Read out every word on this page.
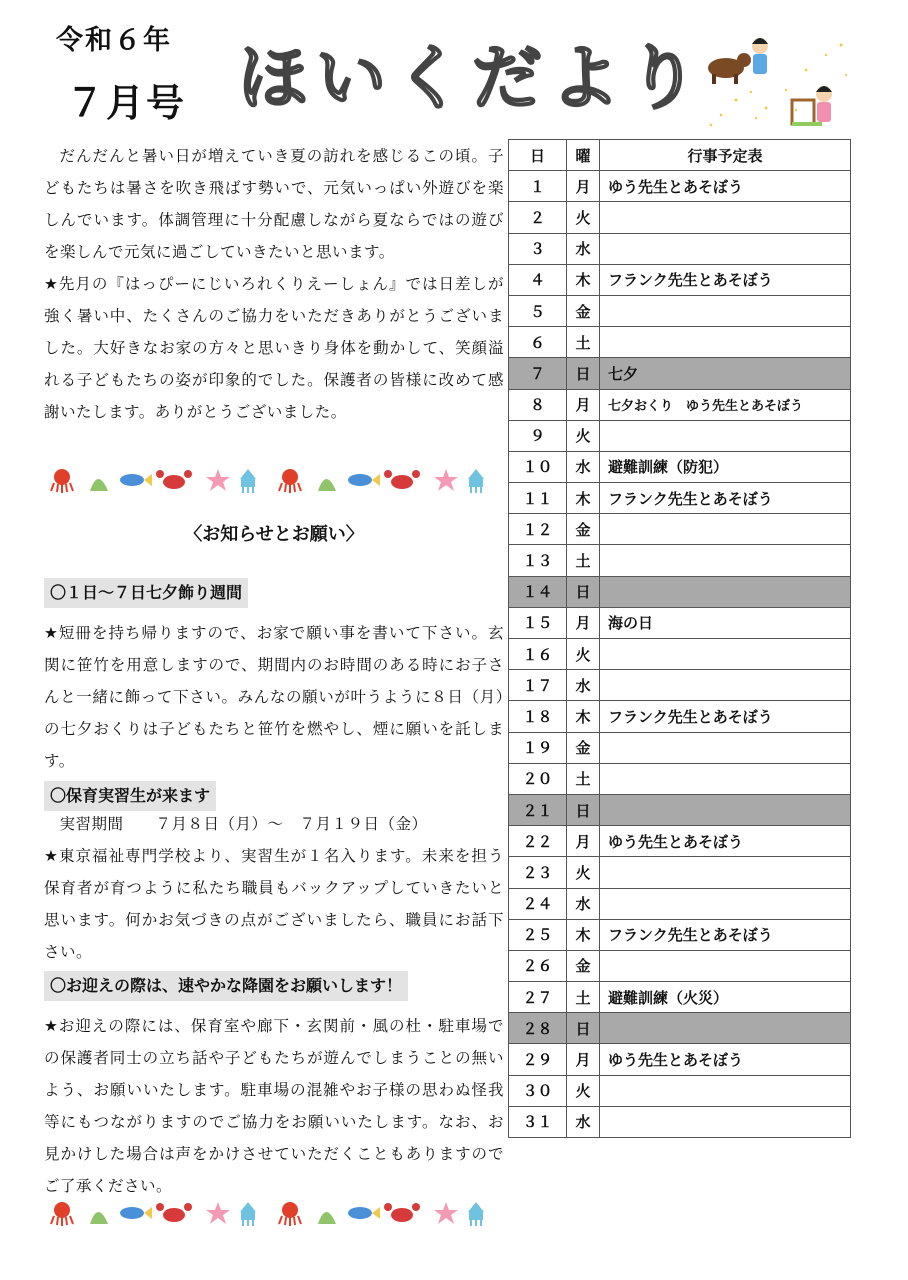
令和６年
７月号 ほいくだより

だんだんと暑い日が増えていき夏の訪れを感じるこの頃。子どもたちは暑さを吹き飛ばす勢いで、元気いっぱい外遊びを楽しんでいます。体調管理に十分配慮しながら夏ならではの遊びを楽しんで元気に過ごしていきたいと思います。

★先月の『はっぴーにじいろれくりえーしょん』では日差しが強く暑い中、たくさんのご協力をいただきありがとうございました。大好きなお家の方々と思いきり身体を動かして、笑顔溢れる子どもたちの姿が印象的でした。保護者の皆様に改めて感謝いたします。ありがとうございました。

〈お知らせとお願い〉
〇１日～７日七夕飾り週間

★短冊を持ち帰りますので、お家で願い事を書いて下さい。玄関に笹竹を用意しますので、期間内のお時間のある時にお子さんと一緒に飾って下さい。みんなの願いが叶うように８日（月）の七夕おくりは子どもたちと笹竹を燃やし、煙に願いを託します。

〇保育実習生が来ます

実習期間　　７月８日（月）～　７月１９日（金）

★東京福祉専門学校より、実習生が１名入ります。未来を担う保育者が育つように私たち職員もバックアップしていきたいと思います。何かお気づきの点がございましたら、職員にお話下さい。

〇お迎えの際は、速やかな降園をお願いします！

★お迎えの際には、保育室や廊下・玄関前・風の杜・駐車場での保護者同士の立ち話や子どもたちが遊んでしまうことの無いよう、お願いいたします。駐車場の混雑やお子様の思わぬ怪我等にもつながりますのでご協力をお願いいたします。なお、お見かけした場合は声をかけさせていただくこともありますのでご了承ください。

日	曜	行事予定表
１	月	ゆう先生とあそぼう
２	火	
３	水	
４	木	フランク先生とあそぼう
５	金	
６	土	
７	日	七夕
８	月	七夕おくり　ゆう先生とあそぼう
９	火	
１０	水	避難訓練（防犯）
１１	木	フランク先生とあそぼう
１２	金	
１３	土	
１４	日	
１５	月	海の日
１６	火	
１７	水	
１８	木	フランク先生とあそぼう
１９	金	
２０	土	
２１	日	
２２	月	ゆう先生とあそぼう
２３	火	
２４	水	
２５	木	フランク先生とあそぼう
２６	金	
２７	土	避難訓練（火災）
２８	日	
２９	月	ゆう先生とあそぼう
３０	火	
３１	水	
